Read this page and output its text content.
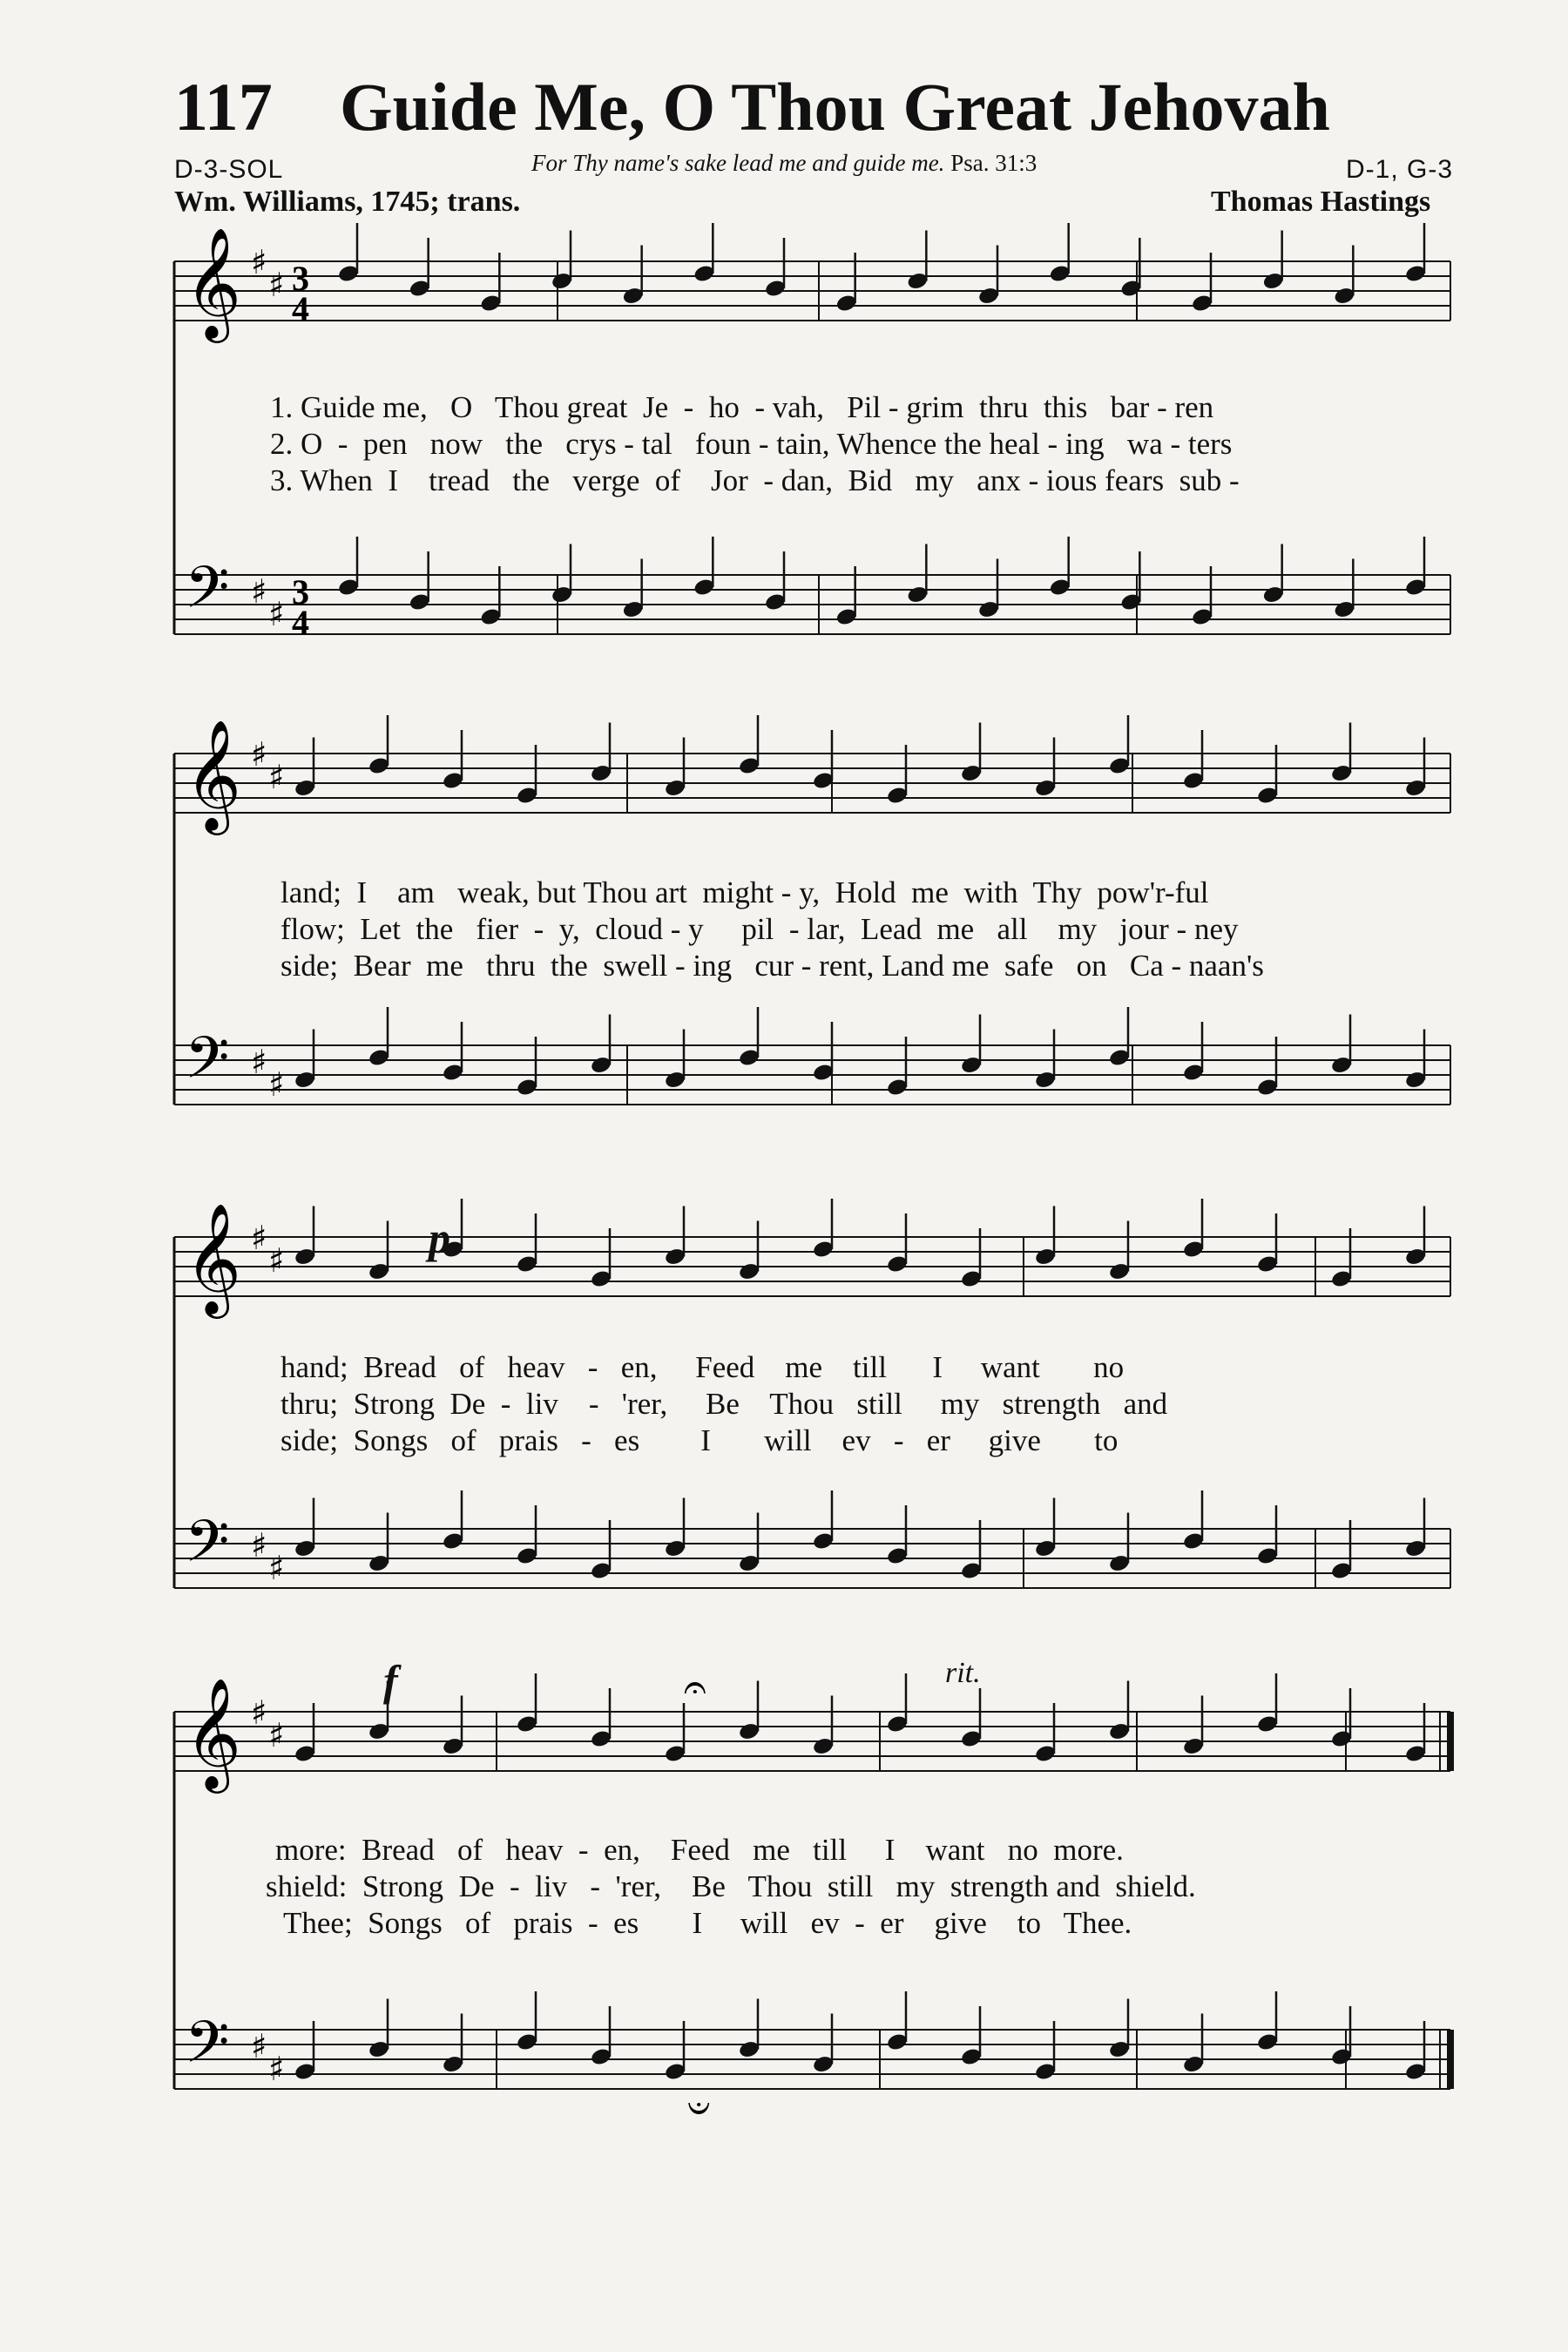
117 Guide Me, O Thou Great Jehovah
D-3-SOL	For Thy name's sake lead me and guide me. Psa. 31:3	D-1, G-3
Wm. Williams, 1745; trans.	Thomas Hastings
𝄞 ♯
♯ 3
4
𝄢 ♯
♯
3
4
𝄞 ♯
♯
𝄢 ♯
♯
𝄞 ♯
♯
𝄢 ♯
♯
𝄞 ♯
♯
𝄢 ♯
♯
𝄐
𝄐
1. Guide me,   O   Thou great  Je  -  ho  - vah,   Pil - grim  thru  this   bar - ren
2. O  -  pen   now   the   crys - tal   foun - tain, Whence the heal - ing   wa - ters
3. When  I    tread   the   verge  of    Jor  - dan,  Bid   my   anx - ious fears  sub -
land;  I    am   weak, but Thou art  might - y,  Hold  me  with  Thy  pow'r-ful
flow;  Let  the   fier  -  y,  cloud - y     pil  - lar,  Lead  me   all    my   jour - ney
side;  Bear  me   thru  the  swell - ing   cur - rent, Land me  safe   on   Ca - naan's
hand;  Bread   of   heav   -   en,     Feed    me    till      I     want       no
thru;  Strong  De  -  liv    -   'rer,     Be    Thou   still     my   strength   and
side;  Songs   of   prais   -   es        I       will    ev   -   er     give       to
more:  Bread   of   heav  -  en,    Feed   me   till     I    want   no  more.
shield:  Strong  De  -  liv   -  'rer,    Be   Thou  still   my  strength and  shield.
Thee;  Songs   of   prais  -  es       I     will   ev  -  er    give    to   Thee.
p
f	rit.
